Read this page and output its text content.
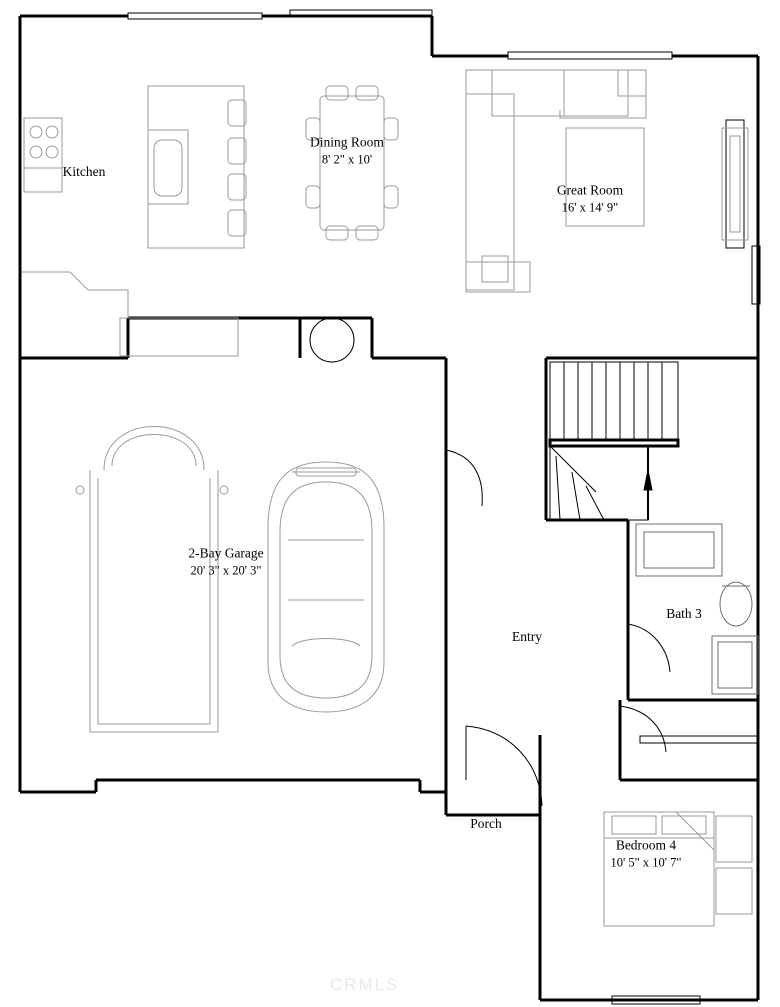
Kitchen
Dining Room
8' 2" x 10'
Great Room
16' x 14' 9"
2-Bay Garage
20' 3" x 20' 3"
Entry
Bath 3
Porch
Bedroom 4
10' 5" x 10' 7"
CRMLS
